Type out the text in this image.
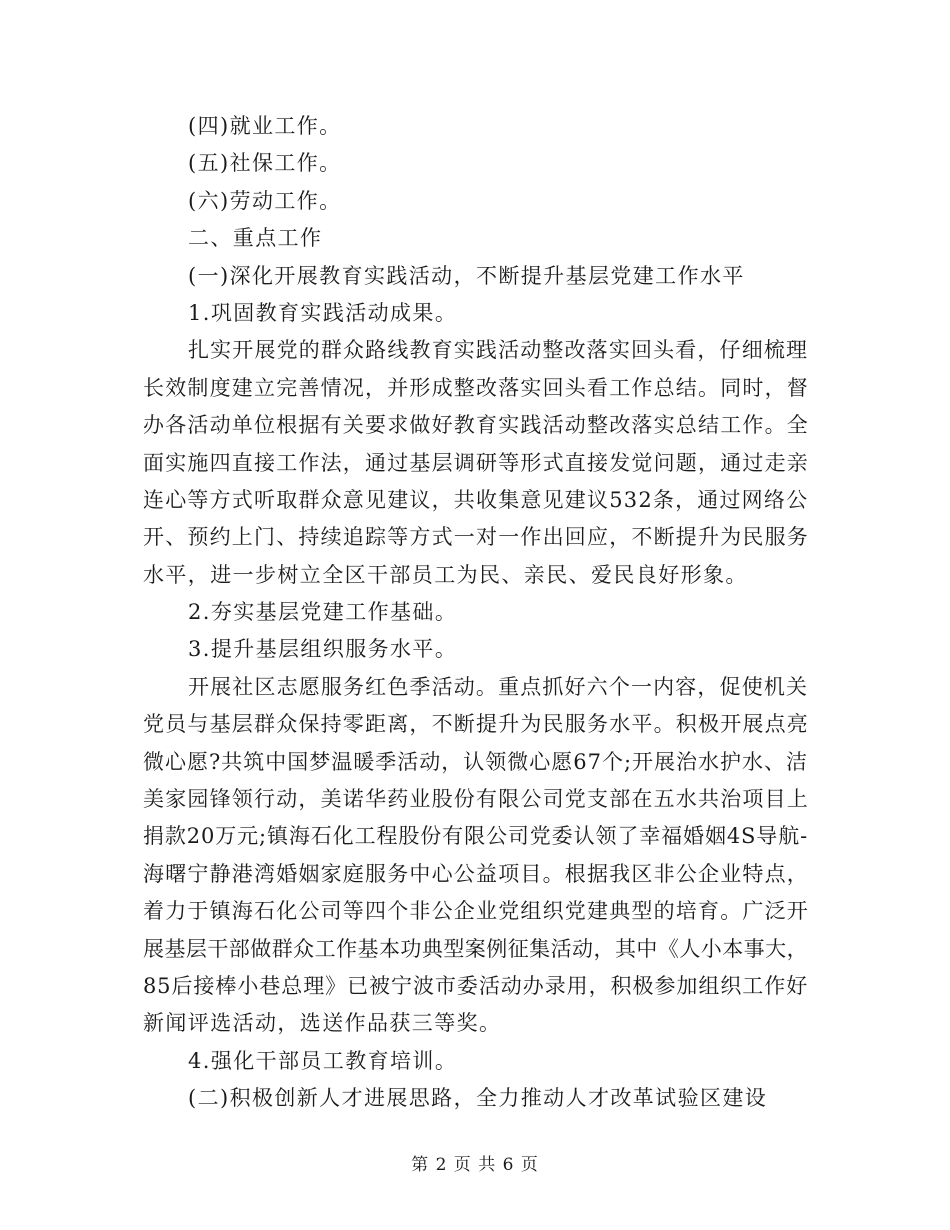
(四)就业工作。
(五)社保工作。
(六)劳动工作。
二、重点工作
(一)深化开展教育实践活动，不断提升基层党建工作水平
1.巩固教育实践活动成果。
扎实开展党的群众路线教育实践活动整改落实回头看，仔细梳理
长效制度建立完善情况，并形成整改落实回头看工作总结。同时，督
办各活动单位根据有关要求做好教育实践活动整改落实总结工作。全
面实施四直接工作法，通过基层调研等形式直接发觉问题，通过走亲
连心等方式听取群众意见建议，共收集意见建议532条，通过网络公
开、预约上门、持续追踪等方式一对一作出回应，不断提升为民服务
水平，进一步树立全区干部员工为民、亲民、爱民良好形象。
2.夯实基层党建工作基础。
3.提升基层组织服务水平。
开展社区志愿服务红色季活动。重点抓好六个一内容，促使机关
党员与基层群众保持零距离，不断提升为民服务水平。积极开展点亮
微心愿?共筑中国梦温暖季活动，认领微心愿67个;开展治水护水、洁
美家园锋领行动，美诺华药业股份有限公司党支部在五水共治项目上
捐款20万元;镇海石化工程股份有限公司党委认领了幸福婚姻4S导航-
海曙宁静港湾婚姻家庭服务中心公益项目。根据我区非公企业特点，
着力于镇海石化公司等四个非公企业党组织党建典型的培育。广泛开
展基层干部做群众工作基本功典型案例征集活动，其中《人小本事大，
85后接棒小巷总理》已被宁波市委活动办录用，积极参加组织工作好
新闻评选活动，选送作品获三等奖。
4.强化干部员工教育培训。
(二)积极创新人才进展思路，全力推动人才改革试验区建设
第 2 页 共 6 页
